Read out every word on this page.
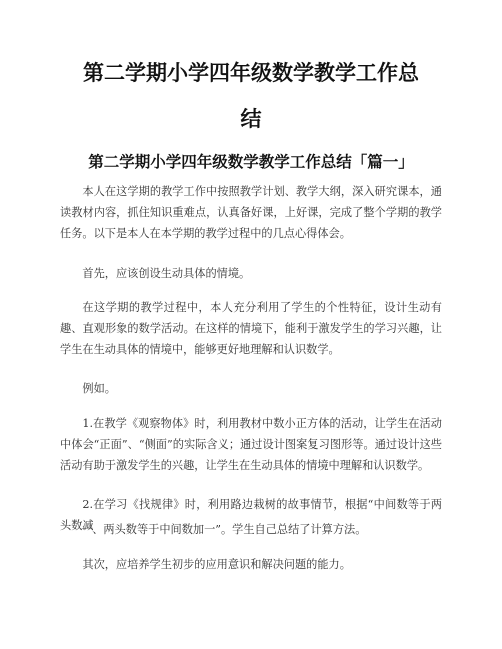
第二学期小学四年级数学教学工作总
结
第二学期小学四年级数学教学工作总结「篇一」

本人在这学期的教学工作中按照教学计划、教学大纲，深入研究课本，通读教材内容，抓住知识重难点，认真备好课，上好课，完成了整个学期的教学任务。以下是本人在本学期的教学过程中的几点心得体会。

首先，应该创设生动具体的情境。

在这学期的教学过程中，本人充分利用了学生的个性特征，设计生动有趣、直观形象的数学活动。在这样的情境下，能利于激发学生的学习兴趣，让学生在生动具体的情境中，能够更好地理解和认识数学。

例如。

1.在教学《观察物体》时，利用教材中数小正方体的活动，让学生在活动中体会“正面”、“侧面”的实际含义；通过设计图案复习图形等。通过设计这些活动有助于激发学生的兴趣，让学生在生动具体的情境中理解和认识数学。

2.在学习《找规律》时，利用路边栽树的故事情节，根据“中间数等于两头数减

一、两头数等于中间数加一”。学生自己总结了计算方法。

其次，应培养学生初步的应用意识和解决问题的能力。
